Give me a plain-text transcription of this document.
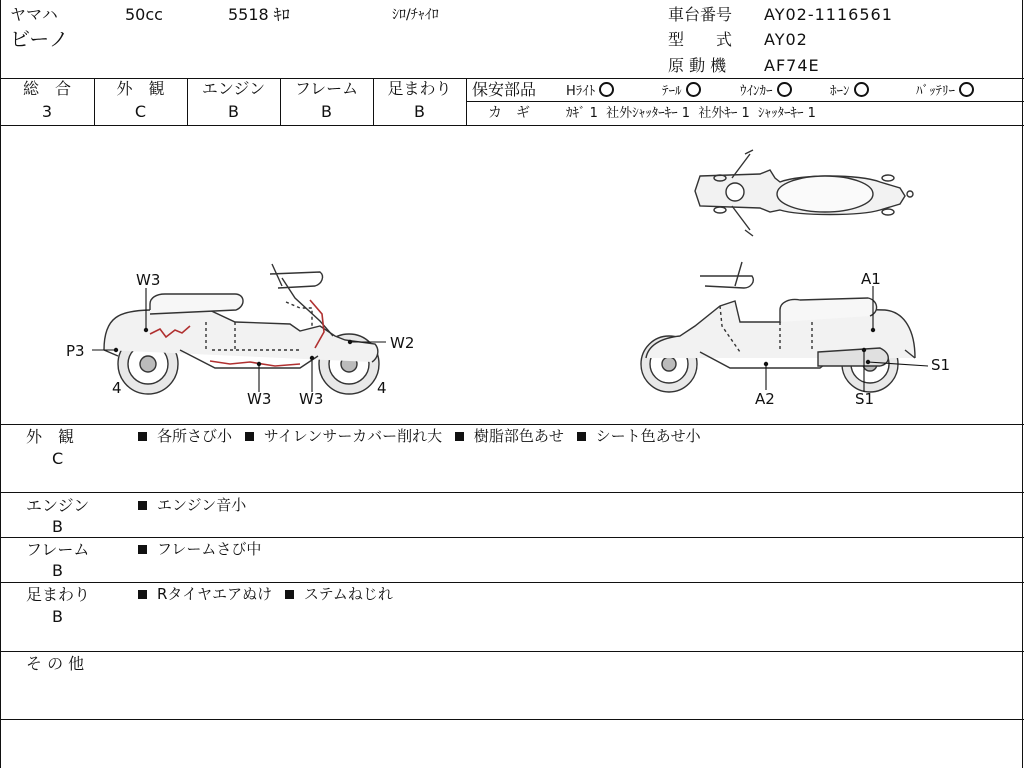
ヤマハ	50cc	5518 ｷﾛ	ｼﾛ/ﾁｬｲﾛ
ビーノ
車台番号 AY02-1116561
型　　式 AY02
原 動 機 AF74E
総　合
3
外　観
C
エンジン
B
フレーム
B
足まわり
B
保安部品 Hﾗｲﾄ	ﾃｰﾙ	ｳｲﾝｶｰ	ﾎｰﾝ	ﾊﾞｯﾃﾘｰ
カ　ギ	ｶｷﾞ 1  社外ｼｬｯﾀｰｷｰ 1  社外ｷｰ 1  ｼｬｯﾀｰｷｰ 1
W3
P3
4
W3 W3
W2
4
A1
S1
A2	S1
外　観
C
各所さび小 サイレンサーカバー削れ大 樹脂部色あせ シート色あせ小
エンジン
B
エンジン音小
フレーム
B
フレームさび中
足まわり
B
Rタイヤエアぬけ ステムねじれ
そ の 他
